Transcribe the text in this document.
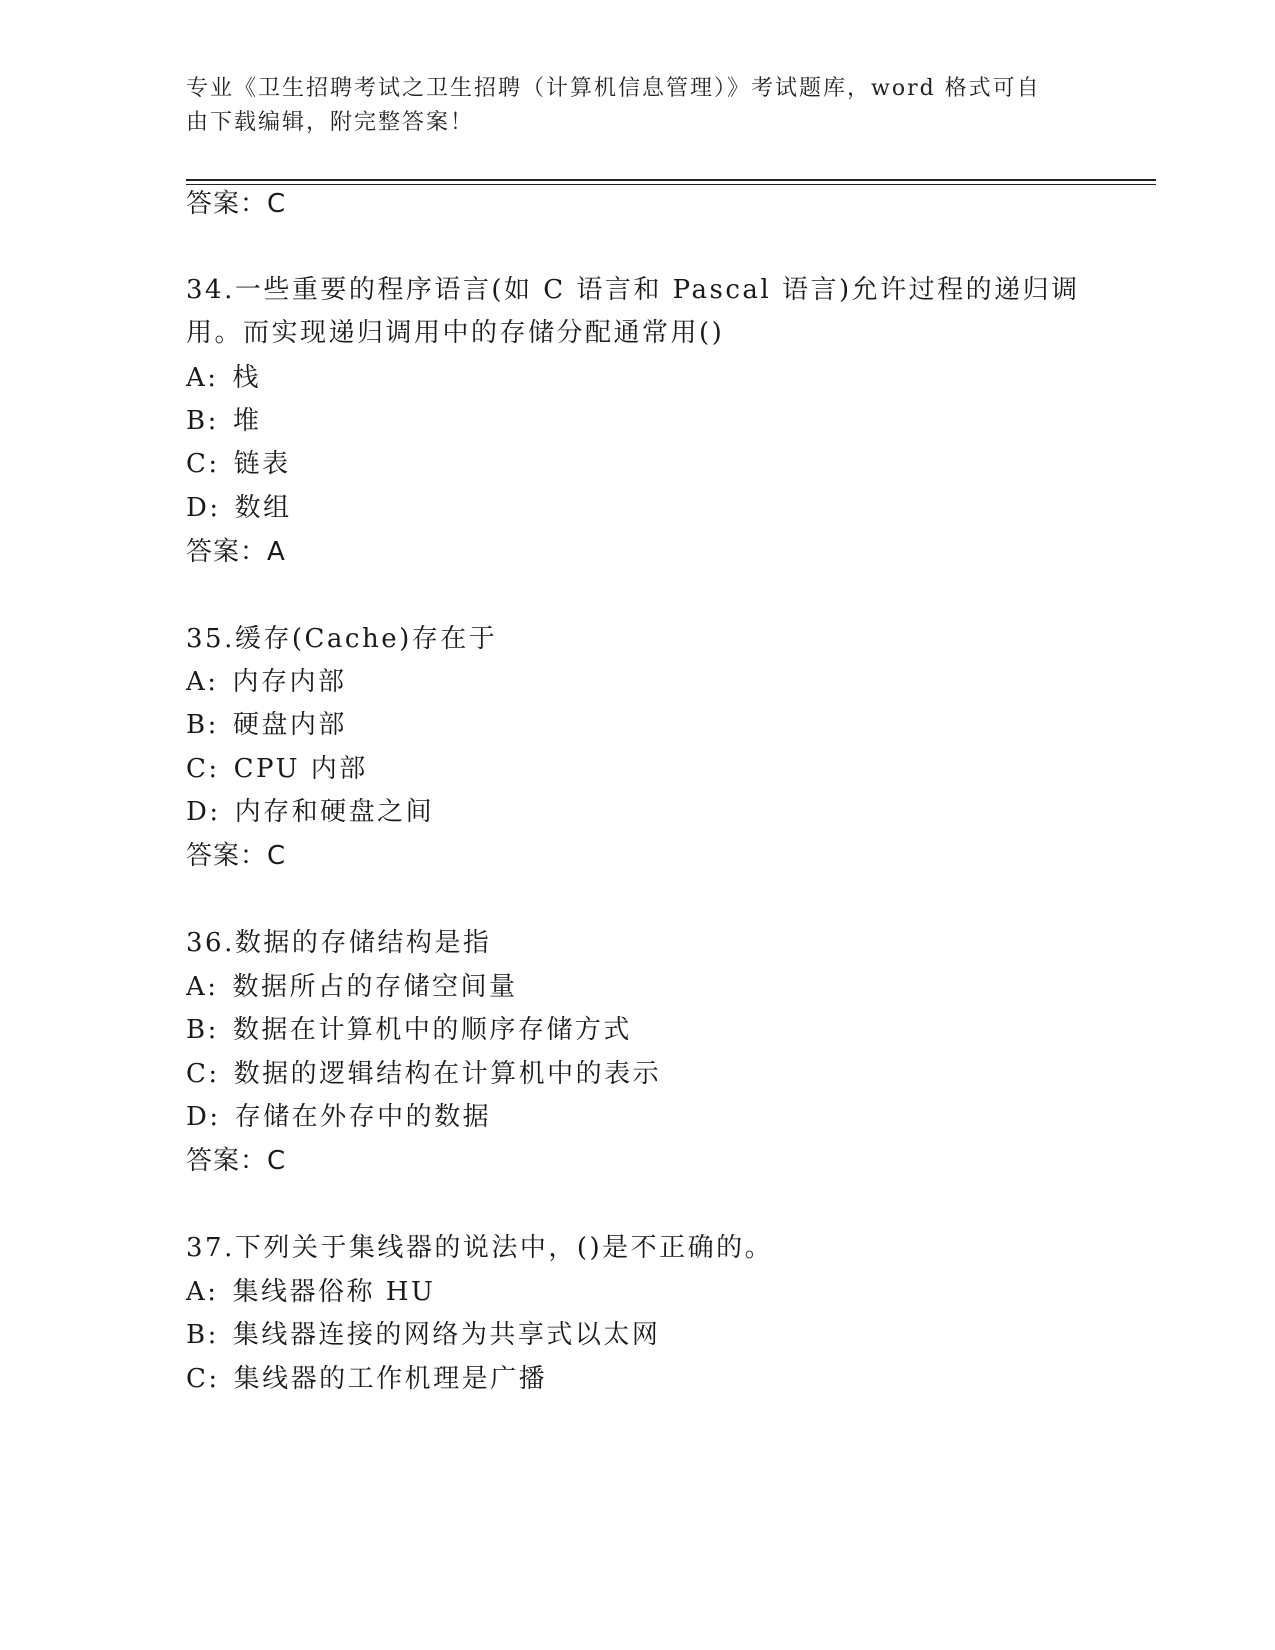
专业《卫生招聘考试之卫生招聘（计算机信息管理）》考试题库，word 格式可自
由下载编辑，附完整答案！
答案：C
34.一些重要的程序语言(如 C 语言和 Pascal 语言)允许过程的递归调
用。而实现递归调用中的存储分配通常用()
A: 栈
B: 堆
C: 链表
D: 数组
答案：A
35.缓存(Cache)存在于
A: 内存内部
B: 硬盘内部
C: CPU 内部
D: 内存和硬盘之间
答案：C
36.数据的存储结构是指
A: 数据所占的存储空间量
B: 数据在计算机中的顺序存储方式
C: 数据的逻辑结构在计算机中的表示
D: 存储在外存中的数据
答案：C
37.下列关于集线器的说法中，()是不正确的。
A: 集线器俗称 HU
B: 集线器连接的网络为共享式以太网
C: 集线器的工作机理是广播
